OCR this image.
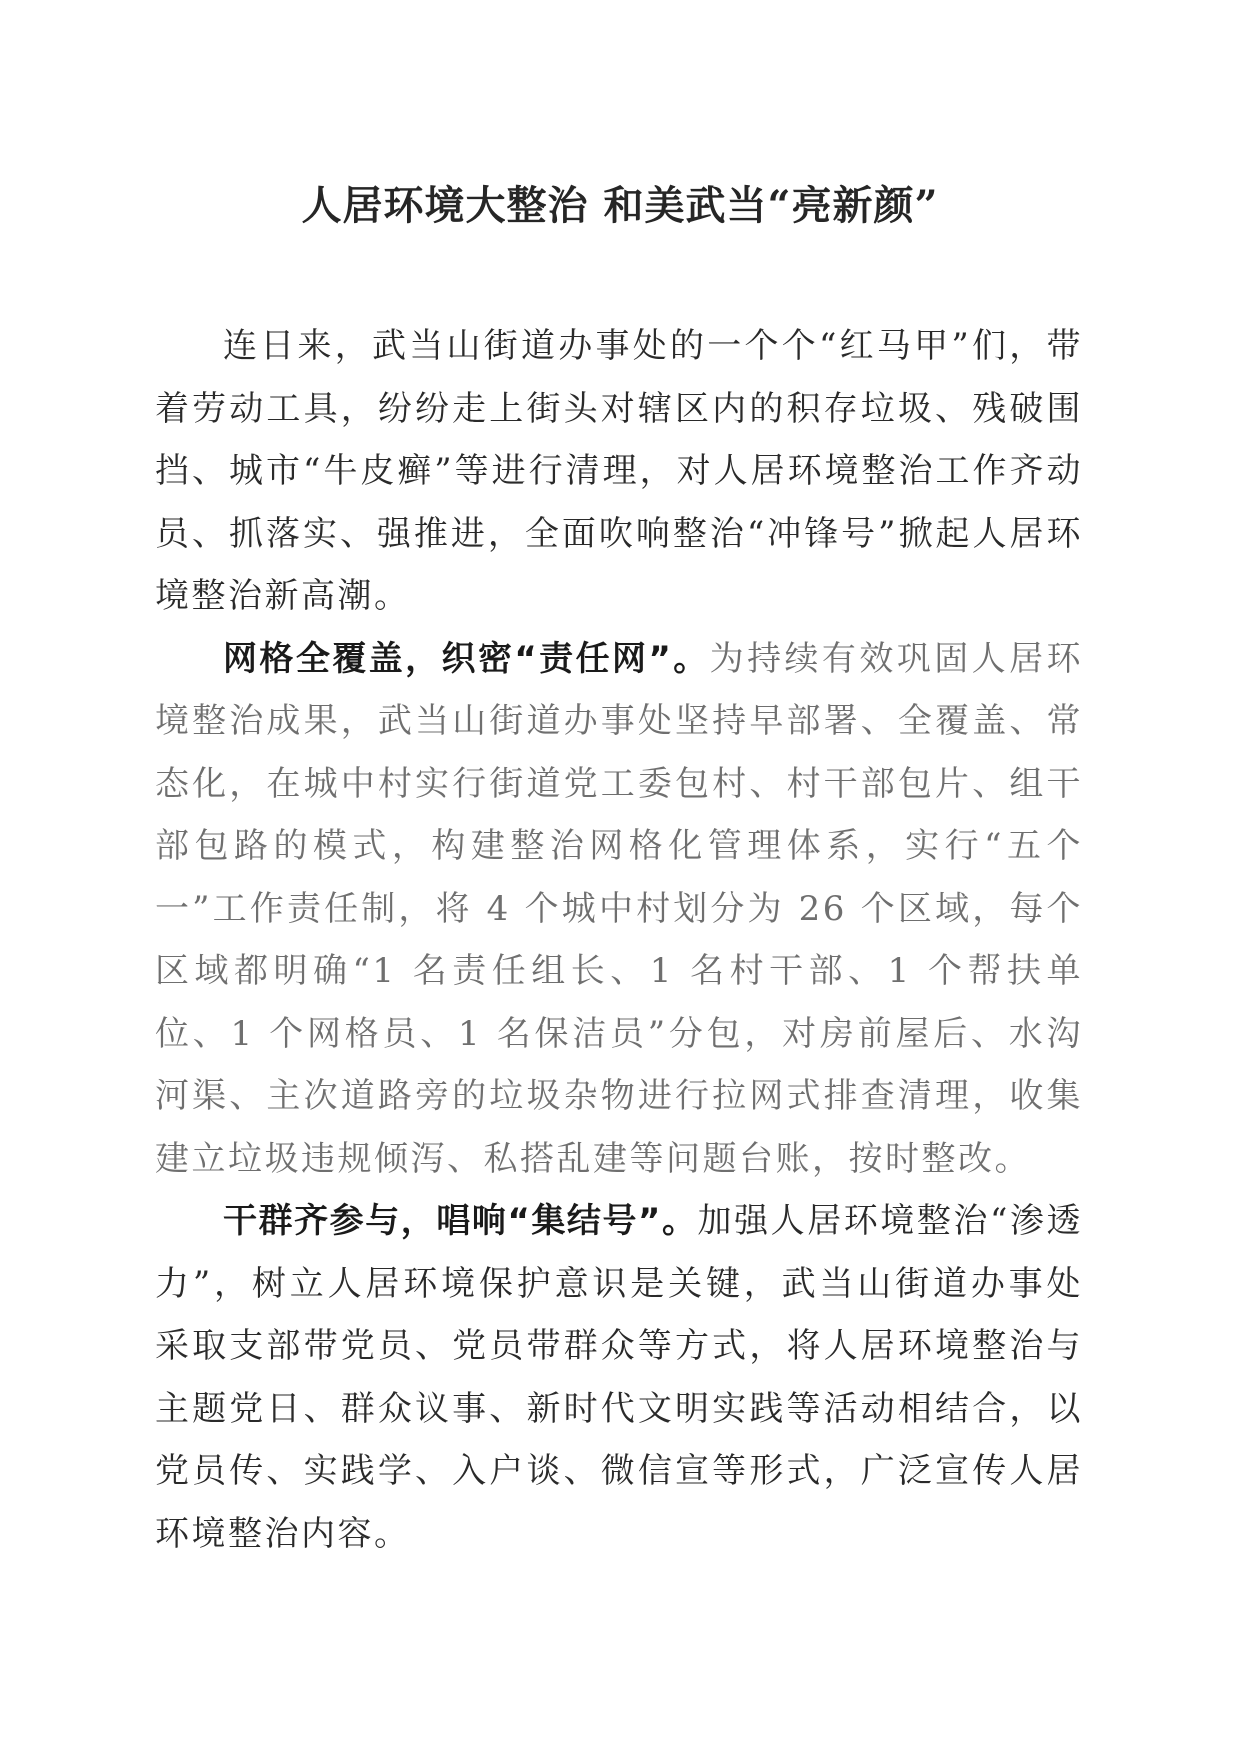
人居环境大整治 和美武当“亮新颜”

连日来，武当山街道办事处的一个个“红马甲”们，带着劳动工具，纷纷走上街头对辖区内的积存垃圾、残破围挡、城市“牛皮癣”等进行清理，对人居环境整治工作齐动员、抓落实、强推进，全面吹响整治“冲锋号”掀起人居环境整治新高潮。

网格全覆盖，织密“责任网”。为持续有效巩固人居环境整治成果，武当山街道办事处坚持早部署、全覆盖、常态化，在城中村实行街道党工委包村、村干部包片、组干部包路的模式，构建整治网格化管理体系，实行“五个一”工作责任制，将 4 个城中村划分为 26 个区域，每个区域都明确“1 名责任组长、1 名村干部、1 个帮扶单位、1 个网格员、1 名保洁员”分包，对房前屋后、水沟河渠、主次道路旁的垃圾杂物进行拉网式排查清理，收集建立垃圾违规倾泻、私搭乱建等问题台账，按时整改。

干群齐参与，唱响“集结号”。加强人居环境整治“渗透力”，树立人居环境保护意识是关键，武当山街道办事处采取支部带党员、党员带群众等方式，将人居环境整治与主题党日、群众议事、新时代文明实践等活动相结合，以党员传、实践学、入户谈、微信宣等形式，广泛宣传人居环境整治内容。
